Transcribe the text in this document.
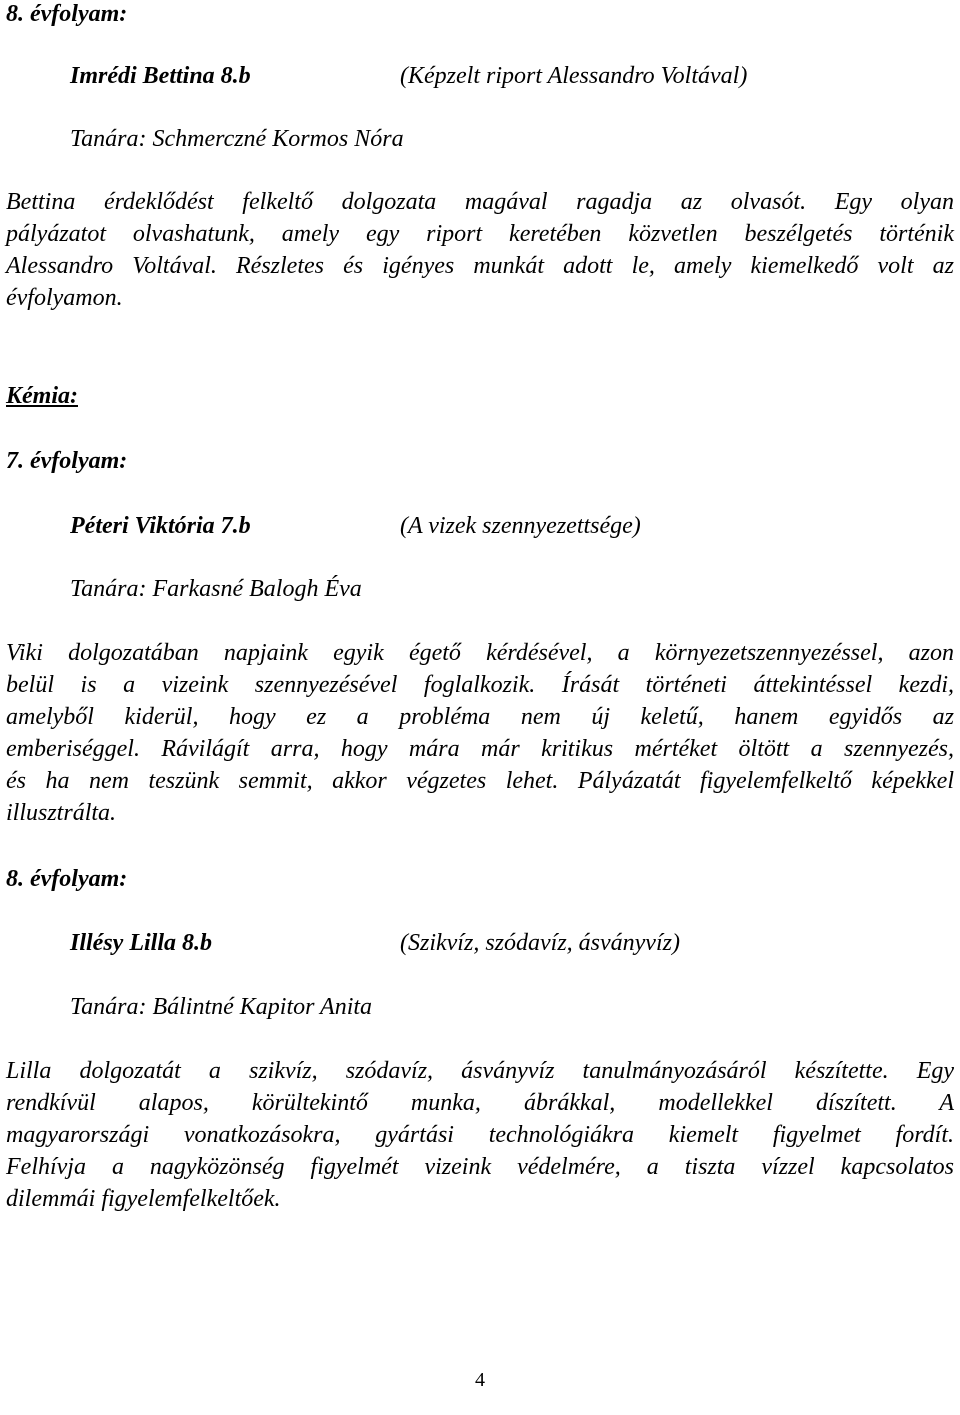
8. évfolyam:
Imrédi Bettina 8.b	(Képzelt riport Alessandro Voltával)
Tanára: Schmerczné Kormos Nóra
Bettina érdeklődést felkeltő dolgozata magával ragadja az olvasót. Egy olyan
pályázatot olvashatunk, amely egy riport keretében közvetlen beszélgetés történik
Alessandro Voltával. Részletes és igényes munkát adott le, amely kiemelkedő volt az
évfolyamon.
Kémia:
7. évfolyam:
Péteri Viktória 7.b	(A vizek szennyezettsége)
Tanára: Farkasné Balogh Éva
Viki dolgozatában napjaink egyik égető kérdésével, a környezetszennyezéssel, azon
belül is a vizeink szennyezésével foglalkozik. Írását történeti áttekintéssel kezdi,
amelyből kiderül, hogy ez a probléma nem új keletű, hanem egyidős az
emberiséggel. Rávilágít arra, hogy mára már kritikus mértéket öltött a szennyezés,
és ha nem teszünk semmit, akkor végzetes lehet. Pályázatát figyelemfelkeltő képekkel
illusztrálta.
8. évfolyam:
Illésy Lilla 8.b	(Szikvíz, szódavíz, ásványvíz)
Tanára: Bálintné Kapitor Anita
Lilla dolgozatát a szikvíz, szódavíz, ásványvíz tanulmányozásáról készítette. Egy
rendkívül alapos, körültekintő munka, ábrákkal, modellekkel díszített. A
magyarországi vonatkozásokra, gyártási technológiákra kiemelt figyelmet fordít.
Felhívja a nagyközönség figyelmét vizeink védelmére, a tiszta vízzel kapcsolatos
dilemmái figyelemfelkeltőek.
4
